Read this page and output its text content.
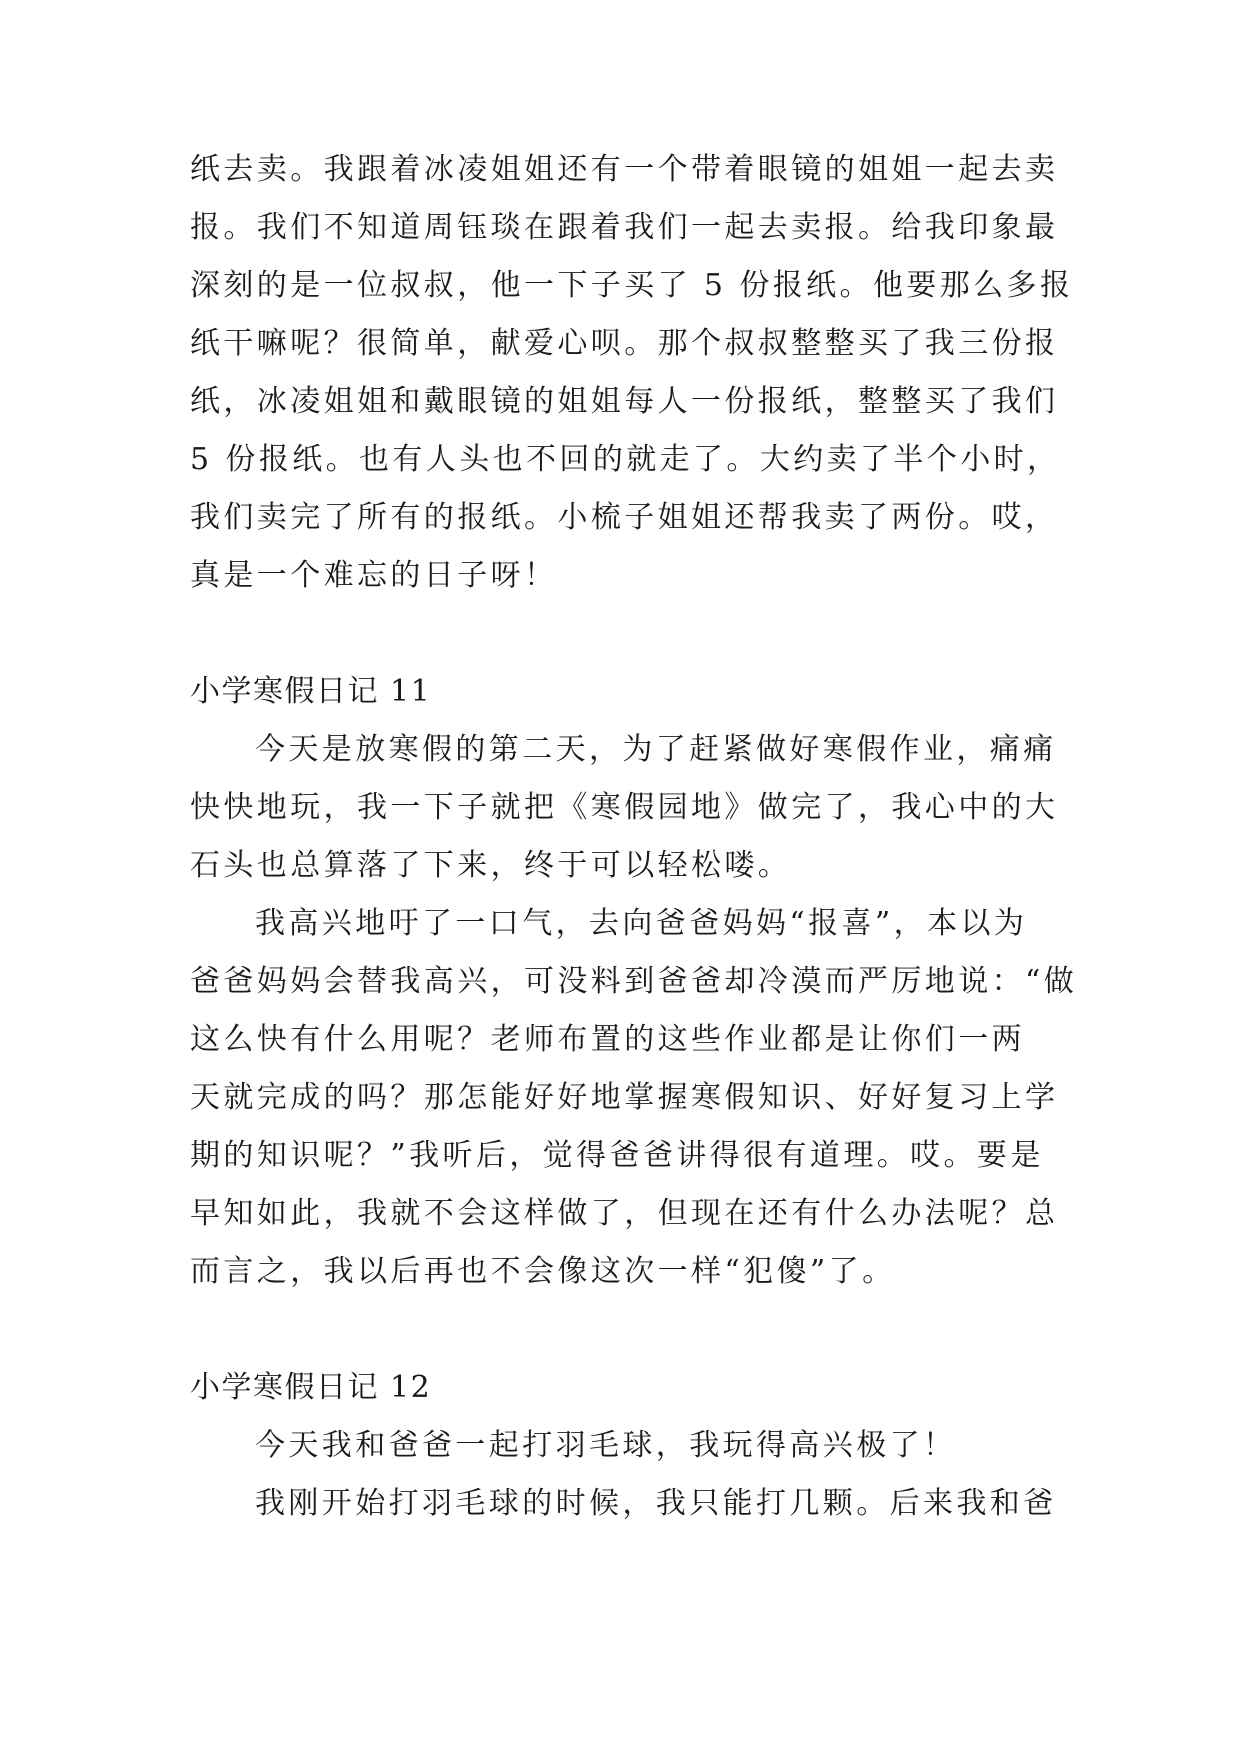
纸去卖。我跟着冰凌姐姐还有一个带着眼镜的姐姐一起去卖
报。我们不知道周钰琰在跟着我们一起去卖报。给我印象最
深刻的是一位叔叔，他一下子买了 5 份报纸。他要那么多报
纸干嘛呢？很简单，献爱心呗。那个叔叔整整买了我三份报
纸，冰凌姐姐和戴眼镜的姐姐每人一份报纸，整整买了我们
5 份报纸。也有人头也不回的就走了。大约卖了半个小时，
我们卖完了所有的报纸。小梳子姐姐还帮我卖了两份。哎，
真是一个难忘的日子呀！
小学寒假日记 11
今天是放寒假的第二天，为了赶紧做好寒假作业，痛痛
快快地玩，我一下子就把《寒假园地》做完了，我心中的大
石头也总算落了下来，终于可以轻松喽。
我高兴地吁了一口气，去向爸爸妈妈“报喜”，本以为
爸爸妈妈会替我高兴，可没料到爸爸却冷漠而严厉地说：“做
这么快有什么用呢？老师布置的这些作业都是让你们一两
天就完成的吗？那怎能好好地掌握寒假知识、好好复习上学
期的知识呢？”我听后，觉得爸爸讲得很有道理。哎。要是
早知如此，我就不会这样做了，但现在还有什么办法呢？总
而言之，我以后再也不会像这次一样“犯傻”了。
小学寒假日记 12
今天我和爸爸一起打羽毛球，我玩得高兴极了！
我刚开始打羽毛球的时候，我只能打几颗。后来我和爸
